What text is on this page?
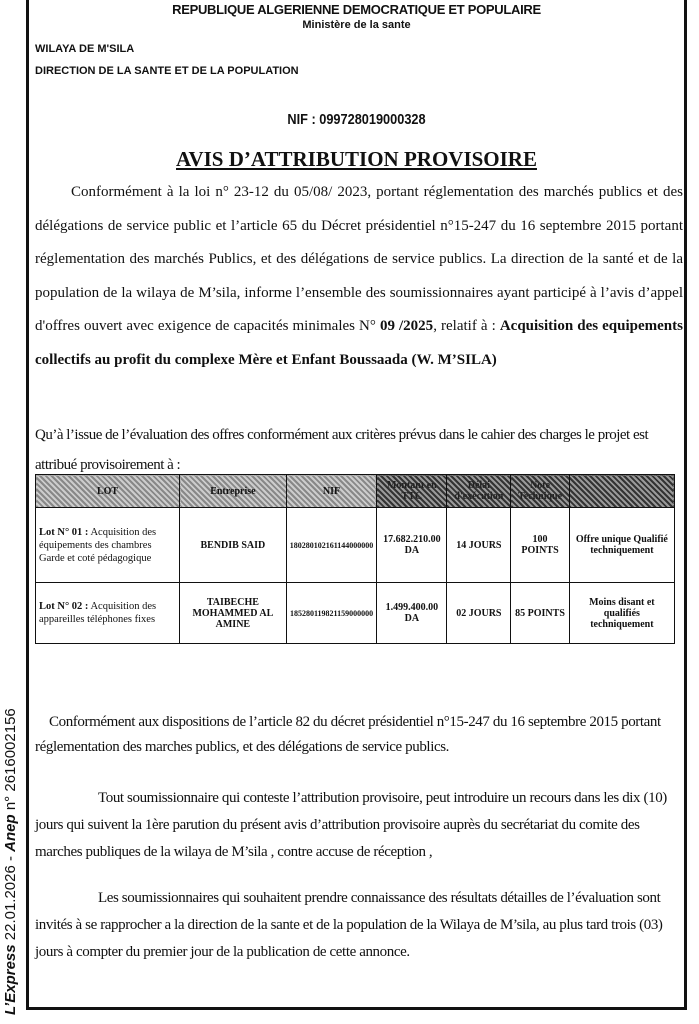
L’Express 22.01.2026 - Anep n° 2616002156
REPUBLIQUE ALGERIENNE DEMOCRATIQUE ET POPULAIRE
Ministère de la sante
WILAYA DE M'SILA
DIRECTION DE LA SANTE ET DE LA POPULATION
NIF : 099728019000328
AVIS D’ATTRIBUTION PROVISOIRE
Conformément à la loi n° 23-12 du 05/08/ 2023, portant réglementation des marchés publics et des délégations de service public et l’article 65 du Décret présidentiel n°15-247 du 16 septembre 2015 portant réglementation des marchés Publics, et des délégations de service publics. La direction de la santé et de la population de la wilaya de M’sila, informe l’ensemble des soumissionnaires ayant participé à l’avis d’appel d'offres ouvert avec exigence de capacités minimales N° 09 /2025, relatif à : Acquisition des equipements collectifs au profit du complexe Mère et Enfant Boussaada (W. M’SILA)
Qu’à l’issue de l’évaluation des offres conformément aux critères prévus dans le cahier des charges le projet est attribué provisoirement à :
LOT	Entreprise	NIF	Montant en TTC	Délai d'exécution	Note Technique	
Lot N° 01 : Acquisition des équipements des chambres Garde et coté pédagogique	BENDIB SAID	180280102161144000000	17.682.210.00 DA	14 JOURS	100 POINTS	Offre unique Qualifié techniquement
Lot N° 02 : Acquisition des appareilles téléphones fixes	TAIBECHE MOHAMMED AL AMINE	185280119821159000000	1.499.400.00 DA	02 JOURS	85 POINTS	Moins disant et qualifiés techniquement
Conformément aux dispositions de l’article 82 du décret présidentiel n°15-247 du 16 septembre 2015 portant réglementation des marches publics, et des délégations de service publics.
Tout soumissionnaire qui conteste l’attribution provisoire, peut introduire un recours dans les dix (10) jours qui suivent la 1ère parution du présent avis d’attribution provisoire auprès du secrétariat du comite des marches publiques de la wilaya de M’sila , contre accuse de réception ,
Les soumissionnaires qui souhaitent prendre connaissance des résultats détailles de l’évaluation sont invités à se rapprocher a la direction de la sante et de la population de la Wilaya de M’sila, au plus tard trois (03) jours à compter du premier jour de la publication de cette annonce.
